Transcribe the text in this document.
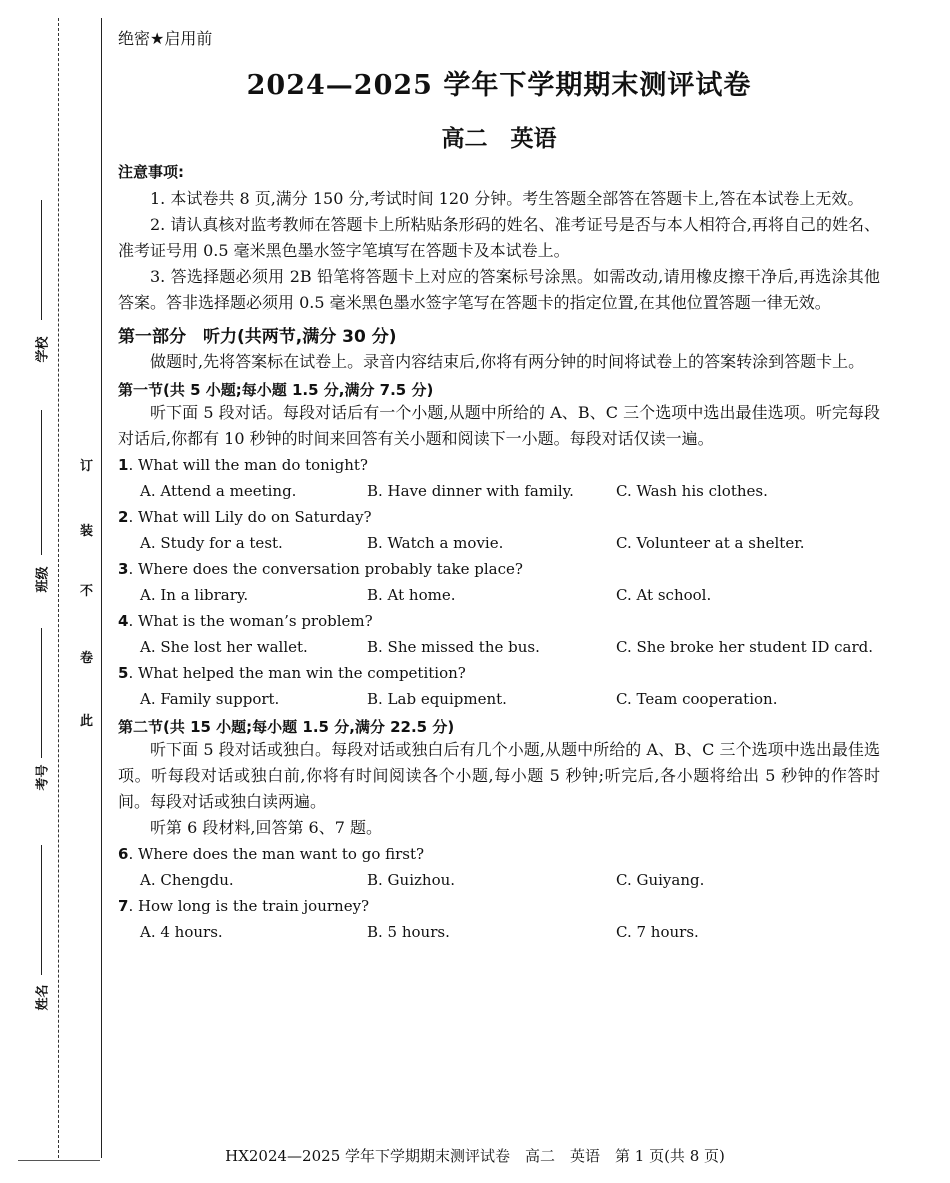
学校
班级
考号
姓名
订
装
不
卷
此
绝密★启用前
2024—2025 学年下学期期末测评试卷
高二　英语
注意事项:

1. 本试卷共 8 页,满分 150 分,考试时间 120 分钟。考生答题全部答在答题卡上,答在本试卷上无效。

2. 请认真核对监考教师在答题卡上所粘贴条形码的姓名、准考证号是否与本人相符合,再将自己的姓名、准考证号用 0.5 毫米黑色墨水签字笔填写在答题卡及本试卷上。

3. 答选择题必须用 2B 铅笔将答题卡上对应的答案标号涂黑。如需改动,请用橡皮擦干净后,再选涂其他答案。答非选择题必须用 0.5 毫米黑色墨水签字笔写在答题卡的指定位置,在其他位置答题一律无效。

第一部分　听力(共两节,满分 30 分)

做题时,先将答案标在试卷上。录音内容结束后,你将有两分钟的时间将试卷上的答案转涂到答题卡上。

第一节(共 5 小题;每小题 1.5 分,满分 7.5 分)

听下面 5 段对话。每段对话后有一个小题,从题中所给的 A、B、C 三个选项中选出最佳选项。听完每段对话后,你都有 10 秒钟的时间来回答有关小题和阅读下一小题。每段对话仅读一遍。

1. What will the man do tonight?

A. Attend a meeting.	B. Have dinner with family.	C. Wash his clothes.

2. What will Lily do on Saturday?

A. Study for a test.	B. Watch a movie.	C. Volunteer at a shelter.

3. Where does the conversation probably take place?

A. In a library.	B. At home.	C. At school.

4. What is the woman’s problem?

A. She lost her wallet.	B. She missed the bus.	C. She broke her student ID card.

5. What helped the man win the competition?

A. Family support.	B. Lab equipment.	C. Team cooperation.
第二节(共 15 小题;每小题 1.5 分,满分 22.5 分)

听下面 5 段对话或独白。每段对话或独白后有几个小题,从题中所给的 A、B、C 三个选项中选出最佳选项。听每段对话或独白前,你将有时间阅读各个小题,每小题 5 秒钟;听完后,各小题将给出 5 秒钟的作答时间。每段对话或独白读两遍。

听第 6 段材料,回答第 6、7 题。

6. Where does the man want to go first?

A. Chengdu.	B. Guizhou.	C. Guiyang.

7. How long is the train journey?

A. 4 hours.	B. 5 hours.	C. 7 hours.
HX2024—2025 学年下学期期末测评试卷　高二　英语　第 1 页(共 8 页)
